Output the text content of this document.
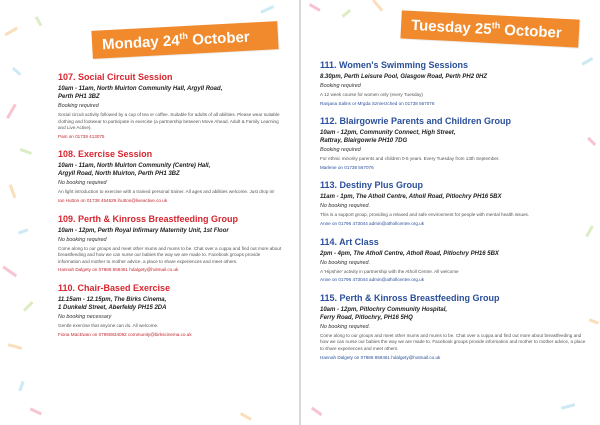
Monday 24th October
107. Social Circuit Session
10am - 11am, North Muirton Community Hall, Argyll Road,
Perth PH1 3BZ
Booking required
Social circuit activity followed by a cup of tea or coffee. Suitable for adults of all abilities. Please wear suitable clothing and footwear to participate in exercise (a partnership between Move Ahead, Adult & Family Learning and Live Active).
Pam on 01738 413075
108. Exercise Session
10am - 11am, North Muirton Community (Centre) Hall,
Argyll Road, North Muirton, Perth PH1 3BZ
No booking required
An light introduction to exercise with a trained personal trainer. All ages and abilities welcome. Just drop in!
Ian Hutton on 01738 454629 ihutton@liveactive.co.uk
109. Perth & Kinross Breastfeeding Group
10am - 12pm, Perth Royal Infirmary Maternity Unit, 1st Floor
No booking required
Come along to our groups and meet other mums and mums to be. Chat over a cuppa and find out more about breastfeeding and how we can nurse our babies the way we are made to. Facebook groups provide information and mother to mother advice, a place to share experiences and meet others.
Hannah Dalgety on 07886 859461 hdalgety@hotmail.co.uk
110. Chair-Based Exercise
11.15am - 12.15pm, The Birks Cinema,
1 Dunkeld Street, Aberfeldy PH15 2DA
No booking necessary
Gentle exercise that anyone can do. All welcome.
Fiona MacEwan on 07990834092 community@birkscinema.co.uk
Tuesday 25th October
111. Women's Swimming Sessions
8.30pm, Perth Leisure Pool, Glasgow Road, Perth PH2 0HZ
Booking required
A 12 week course for women only (every Tuesday)
Ranjana Salins or Mrgda Szmerzched on 01738 567076
112. Blairgowrie Parents and Children Group
10am - 12pm, Community Connect, High Street,
Rattray, Blairgowrie PH10 7DG
Booking required
For ethnic minority parents and children 0-5 years. Every Tuesday from 13th September.
Marlene on 01738 567076
113. Destiny Plus Group
11am - 1pm, The Atholl Centre, Atholl Road, Pitlochry PH16 5BX
No booking required.
This is a support group, providing a relaxed and safe environment for people with mental health issues.
Anne on 01796 473044 admin@athollcentre.org.uk
114. Art Class
2pm - 4pm, The Atholl Centre, Atholl Road, Pitlochry PH16 5BX
No booking required.
A 'Hipshire' activity in partnership with the Atholl Centre. All welcome
Anne on 01796 473044 admin@athollcentre.org.uk
115. Perth & Kinross Breastfeeding Group
10am - 12pm, Pitlochry Community Hospital,
Ferry Road, Pitlochry, PH16 5HQ
No booking required.
Come along to our groups and meet other mums and mums to be. Chat over a cuppa and find out more about breastfeeding and how we can nurse our babies the way we are made to. Facebook groups provide information and mother to mother advice, a place to share experiences and meet others.
Hannah Dalgety on 07886 859461 hdalgety@hotmail.co.uk
